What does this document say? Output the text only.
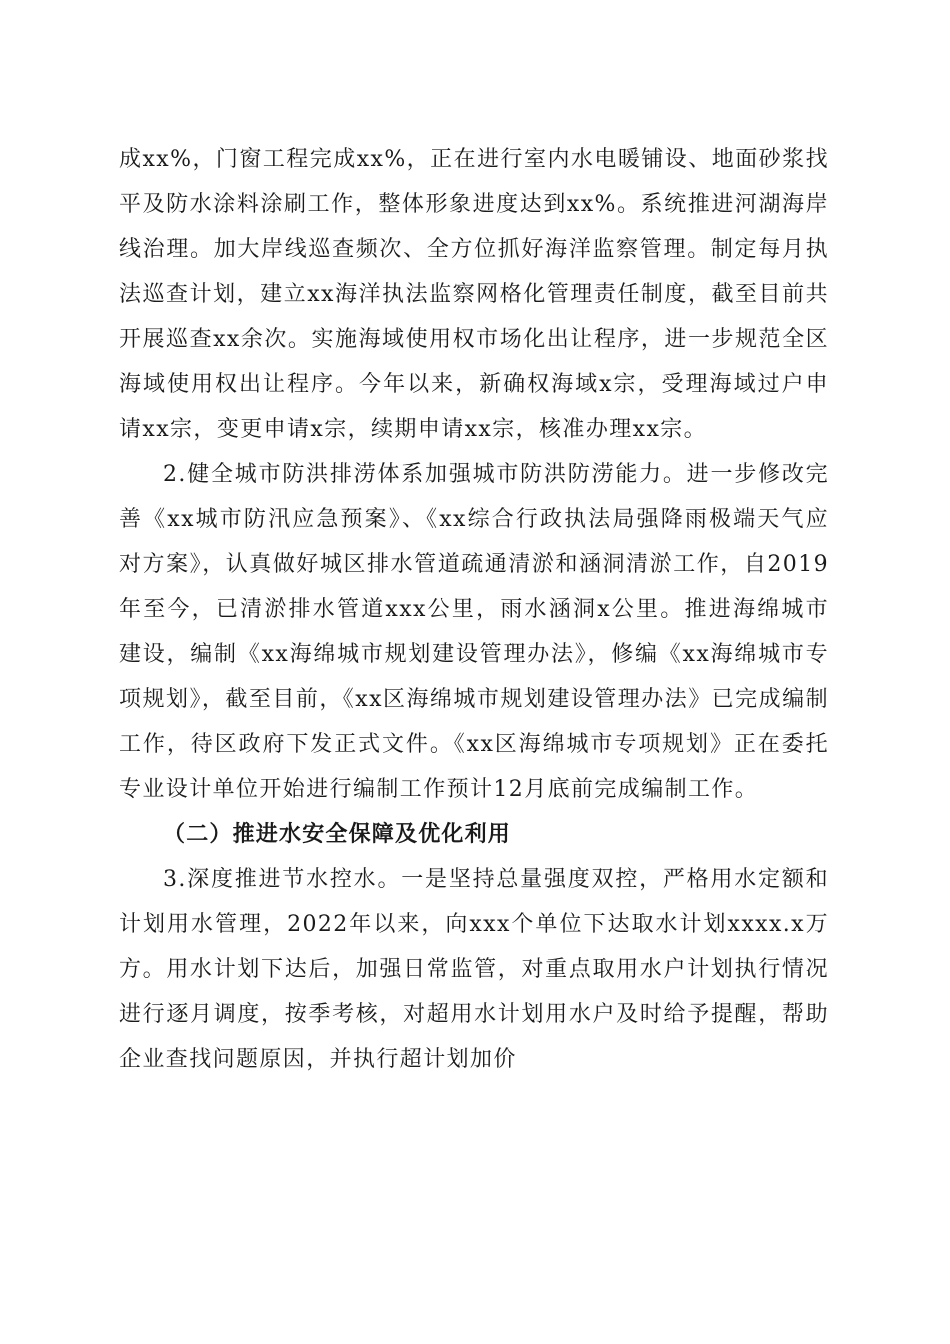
成xx%，门窗工程完成xx%，正在进行室内水电暖铺设、地面砂浆找平及防水涂料涂刷工作，整体形象进度达到xx%。系统推进河湖海岸线治理。加大岸线巡查频次、全方位抓好海洋监察管理。制定每月执法巡查计划，建立xx海洋执法监察网格化管理责任制度，截至目前共开展巡查xx余次。实施海域使用权市场化出让程序，进一步规范全区海域使用权出让程序。今年以来，新确权海域x宗，受理海域过户申请xx宗，变更申请x宗，续期申请xx宗，核准办理xx宗。

2.健全城市防洪排涝体系加强城市防洪防涝能力。进一步修改完善《xx城市防汛应急预案》、《xx综合行政执法局强降雨极端天气应对方案》，认真做好城区排水管道疏通清淤和涵洞清淤工作，自2019年至今，已清淤排水管道xxx公里，雨水涵洞x公里。推进海绵城市建设，编制《xx海绵城市规划建设管理办法》，修编《xx海绵城市专项规划》，截至目前，《xx区海绵城市规划建设管理办法》已完成编制工作，待区政府下发正式文件。《xx区海绵城市专项规划》正在委托专业设计单位开始进行编制工作预计12月底前完成编制工作。

（二）推进水安全保障及优化利用

3.深度推进节水控水。一是坚持总量强度双控，严格用水定额和计划用水管理，2022年以来，向xxx个单位下达取水计划xxxx.x万方。用水计划下达后，加强日常监管，对重点取用水户计划执行情况进行逐月调度，按季考核，对超用水计划用水户及时给予提醒，帮助企业查找问题原因，并执行超计划加价
